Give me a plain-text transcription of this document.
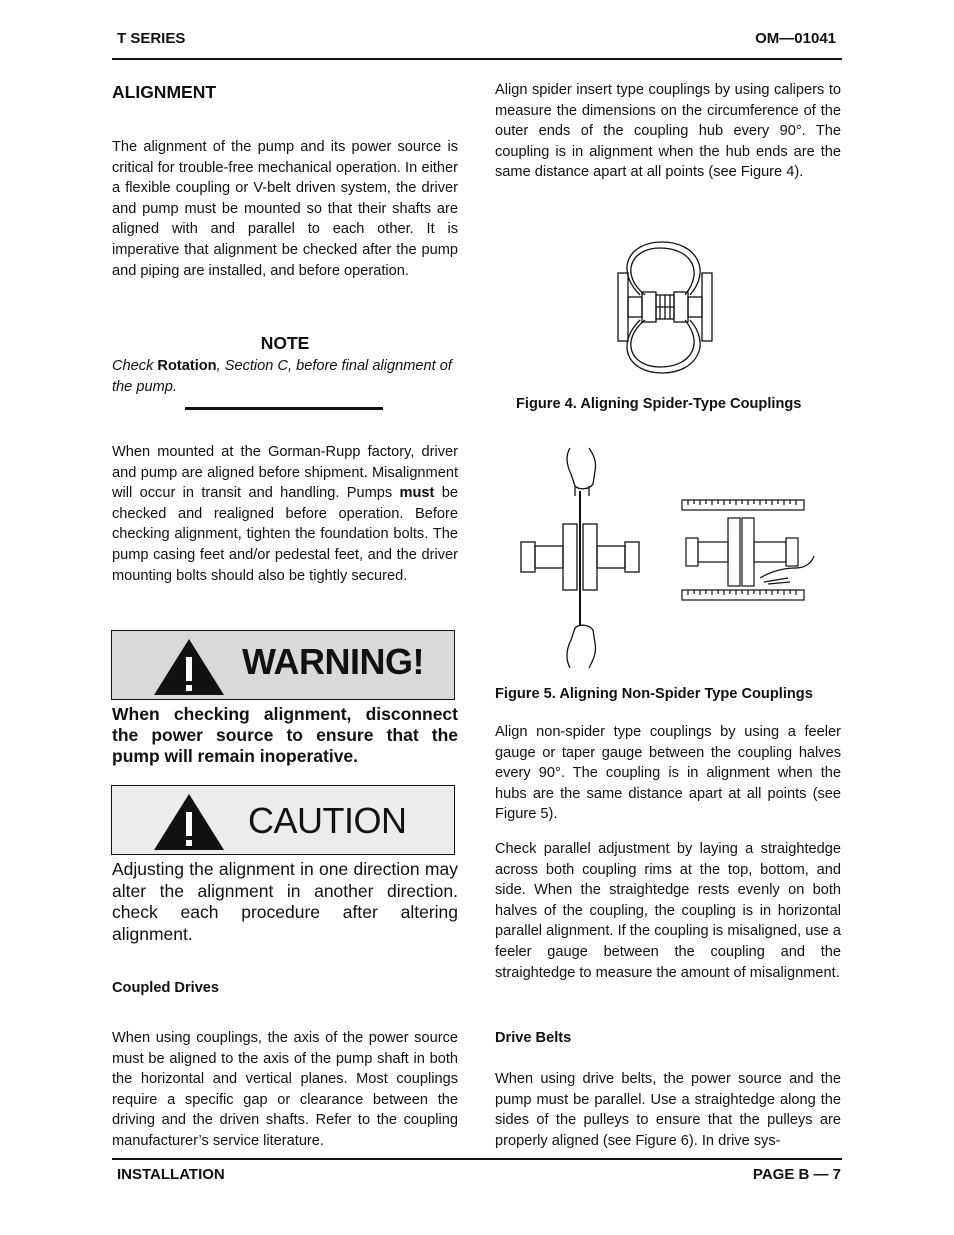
T SERIES	OM—01041
ALIGNMENT
The alignment of the pump and its power source is critical for trouble-free mechanical operation. In either a flexible coupling or V-belt driven system, the driver and pump must be mounted so that their shafts are aligned with and parallel to each other. It is imperative that alignment be checked after the pump and piping are installed, and before operation.
NOTE
Check Rotation, Section C, before final alignment of the pump.
When mounted at the Gorman-Rupp factory, driver and pump are aligned before shipment. Misalignment will occur in transit and handling. Pumps must be checked and realigned before operation. Before checking alignment, tighten the foundation bolts. The pump casing feet and/or pedestal feet, and the driver mounting bolts should also be tightly secured.
WARNING!
When checking alignment, disconnect the power source to ensure that the pump will remain inoperative.
CAUTION
Adjusting the alignment in one direction may alter the alignment in another direction. check each procedure after altering alignment.
Coupled Drives
When using couplings, the axis of the power source must be aligned to the axis of the pump shaft in both the horizontal and vertical planes. Most couplings require a specific gap or clearance between the driving and the driven shafts. Refer to the coupling manufacturer’s service literature.
Align spider insert type couplings by using calipers to measure the dimensions on the circumference of the outer ends of the coupling hub every 90°. The coupling is in alignment when the hub ends are the same distance apart at all points (see Figure 4).
Figure 4. Aligning Spider-Type Couplings
Figure 5. Aligning Non-Spider Type Couplings
Align non-spider type couplings by using a feeler gauge or taper gauge between the coupling halves every 90°. The coupling is in alignment when the hubs are the same distance apart at all points (see Figure 5).
Check parallel adjustment by laying a straightedge across both coupling rims at the top, bottom, and side. When the straightedge rests evenly on both halves of the coupling, the coupling is in horizontal parallel alignment. If the coupling is misaligned, use a feeler gauge between the coupling and the straightedge to measure the amount of misalignment.
Drive Belts
When using drive belts, the power source and the pump must be parallel. Use a straightedge along the sides of the pulleys to ensure that the pulleys are properly aligned (see Figure 6). In drive sys-
INSTALLATION	PAGE B — 7
